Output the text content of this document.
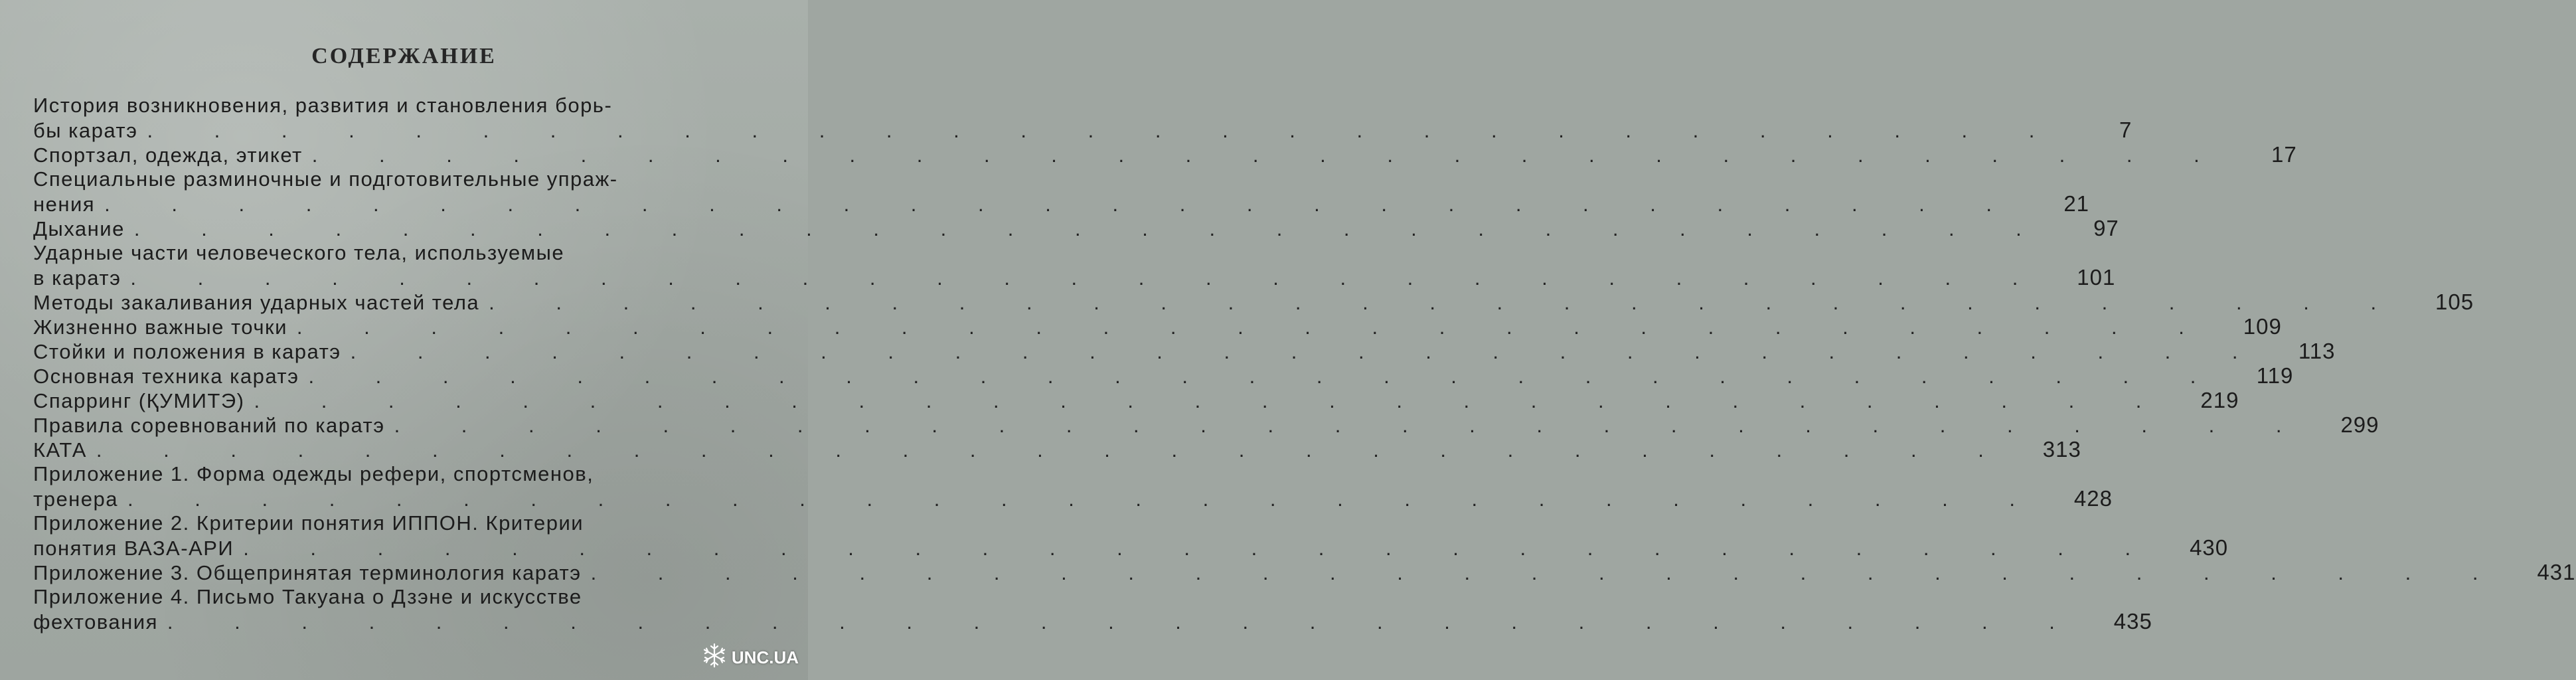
СОДЕРЖАНИЕ
История возникновения, развития и становления борь-
бы каратэ . . . . . . . . . . . . . . . . . . . . . . . . . . . . .	7
Спортзал, одежда, этикет . . . . . . . . . . . . . . . . . . . . . . . . . . . . .	17
Специальные разминочные и подготовительные упраж-
нения . . . . . . . . . . . . . . . . . . . . . . . . . . . . .	21
Дыхание . . . . . . . . . . . . . . . . . . . . . . . . . . . . .	97
Ударные части человеческого тела, используемые
в каратэ . . . . . . . . . . . . . . . . . . . . . . . . . . . . .	101
Методы закаливания ударных частей тела . . . . . . . . . . . . . . . . . . . . . . . . . . . . .	105
Жизненно важные точки . . . . . . . . . . . . . . . . . . . . . . . . . . . . .	109
Стойки и положения в каратэ . . . . . . . . . . . . . . . . . . . . . . . . . . . . .	113
Основная техника каратэ . . . . . . . . . . . . . . . . . . . . . . . . . . . . .	119
Спарринг (ҚУМИТЭ) . . . . . . . . . . . . . . . . . . . . . . . . . . . . .	219
Правила соревнований по каратэ . . . . . . . . . . . . . . . . . . . . . . . . . . . . .	299
КАТА . . . . . . . . . . . . . . . . . . . . . . . . . . . . .	313
Приложение 1. Форма одежды рефери, спортсменов,
тренера . . . . . . . . . . . . . . . . . . . . . . . . . . . . .	428
Приложение 2. Критерии понятия ИППОН. Критерии
понятия ВАЗА-АРИ . . . . . . . . . . . . . . . . . . . . . . . . . . . . .	430
Приложение 3. Общепринятая терминология каратэ . . . . . . . . . . . . . . . . . . . . . . . . . . . . .	431
Приложение 4. Письмо Такуана о Дзэне и искусстве
фехтования . . . . . . . . . . . . . . . . . . . . . . . . . . . . .	435
UNC.UA
